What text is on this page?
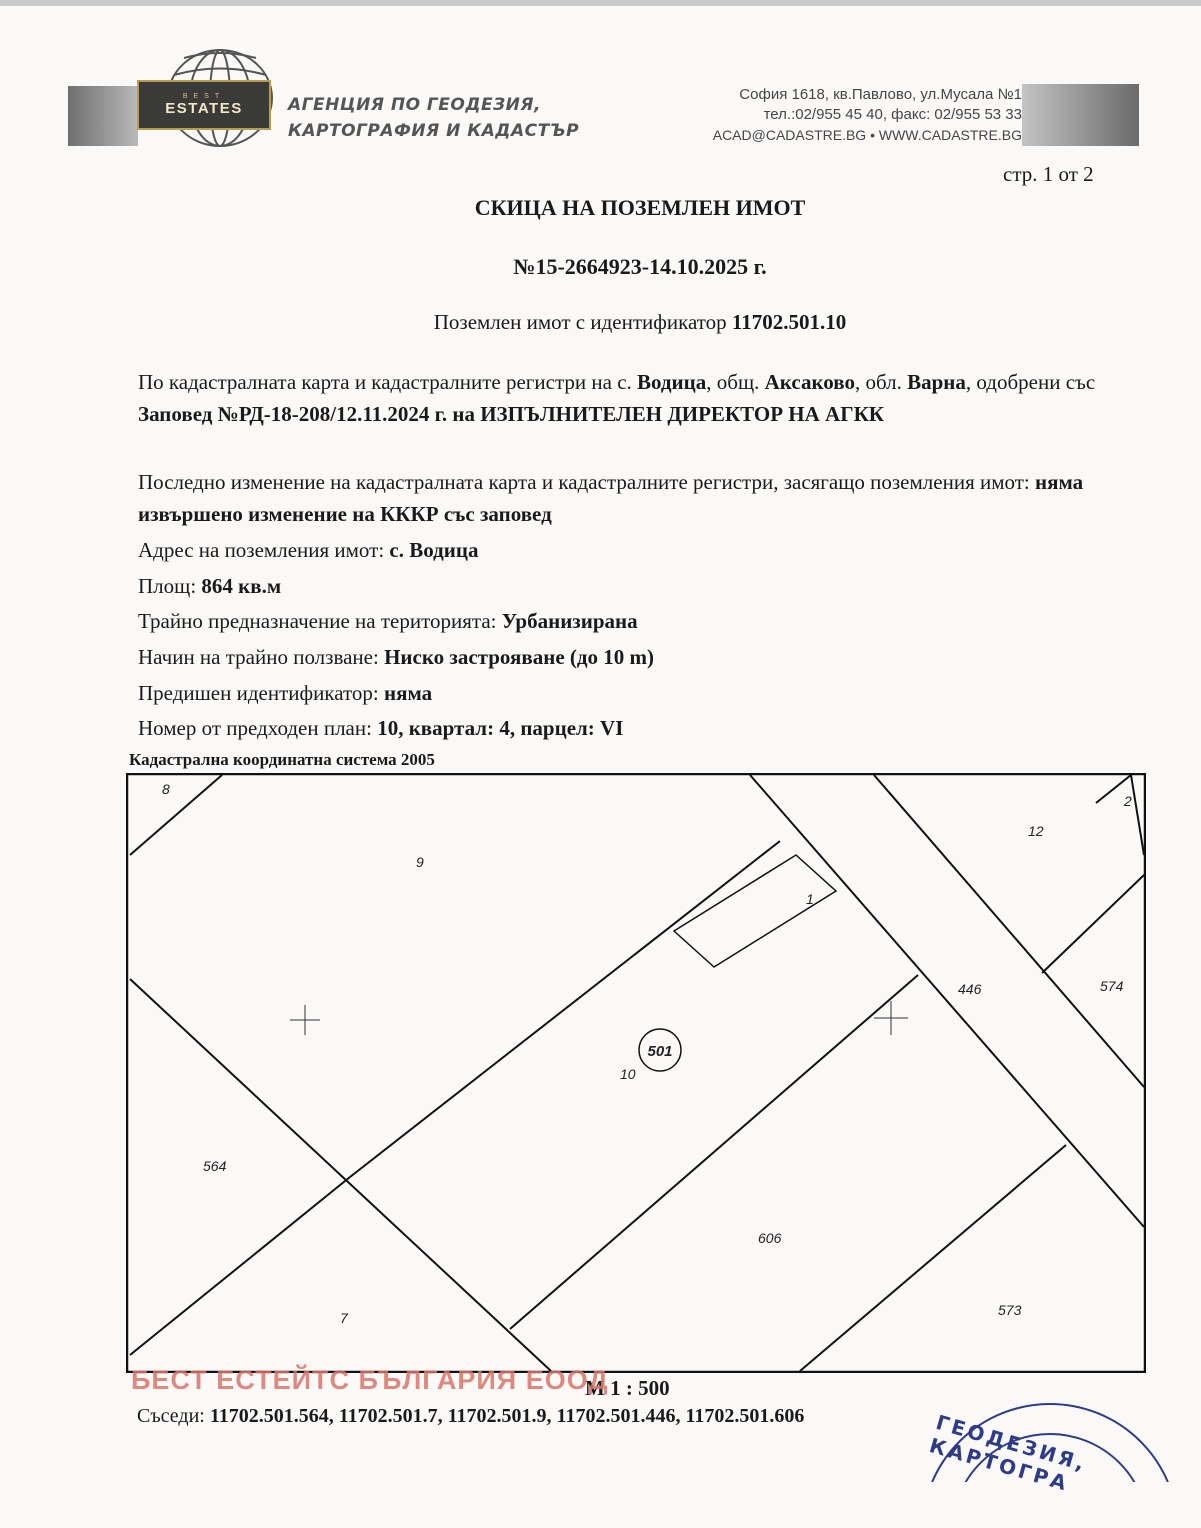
BEST
ESTATES	АГЕНЦИЯ ПО ГЕОДЕЗИЯ,
КАРТОГРАФИЯ И КАДАСТЪР
София 1618, кв.Павлово, ул.Мусала №1
тел.:02/955 45 40, факс: 02/955 53 33
ACAD@CADASTRE.BG • WWW.CADASTRE.BG
стр. 1 от 2
СКИЦА НА ПОЗЕМЛЕН ИМОТ
№15-2664923-14.10.2025 г.
Поземлен имот с идентификатор 11702.501.10
По кадастралната карта и кадастралните регистри на с. Водица, общ. Аксаково, обл. Варна, одобрени със Заповед №РД-18-208/12.11.2024 г. на ИЗПЪЛНИТЕЛЕН ДИРЕКТОР НА АГКК
Последно изменение на кадастралната карта и кадастралните регистри, засягащо поземления имот: няма извършено изменение на КККР със заповед
Адрес на поземления имот: с. Водица
Площ: 864 кв.м
Трайно предназначение на територията: Урбанизирана
Начин на трайно ползване: Ниско застрояване (до 10 m)
Предишен идентификатор: няма
Номер от предходен план: 10, квартал: 4, парцел: VI
Кадастрална координатна система 2005
501
8
9
1
2
12
446	574
10
564
606
573
7
М 1 : 500
БЕСТ ЕСТЕЙТС БЪЛГАРИЯ ЕООД
Съседи: 11702.501.564, 11702.501.7, 11702.501.9, 11702.501.446, 11702.501.606	ГЕОДЕЗИЯ, КАРТОГРА
